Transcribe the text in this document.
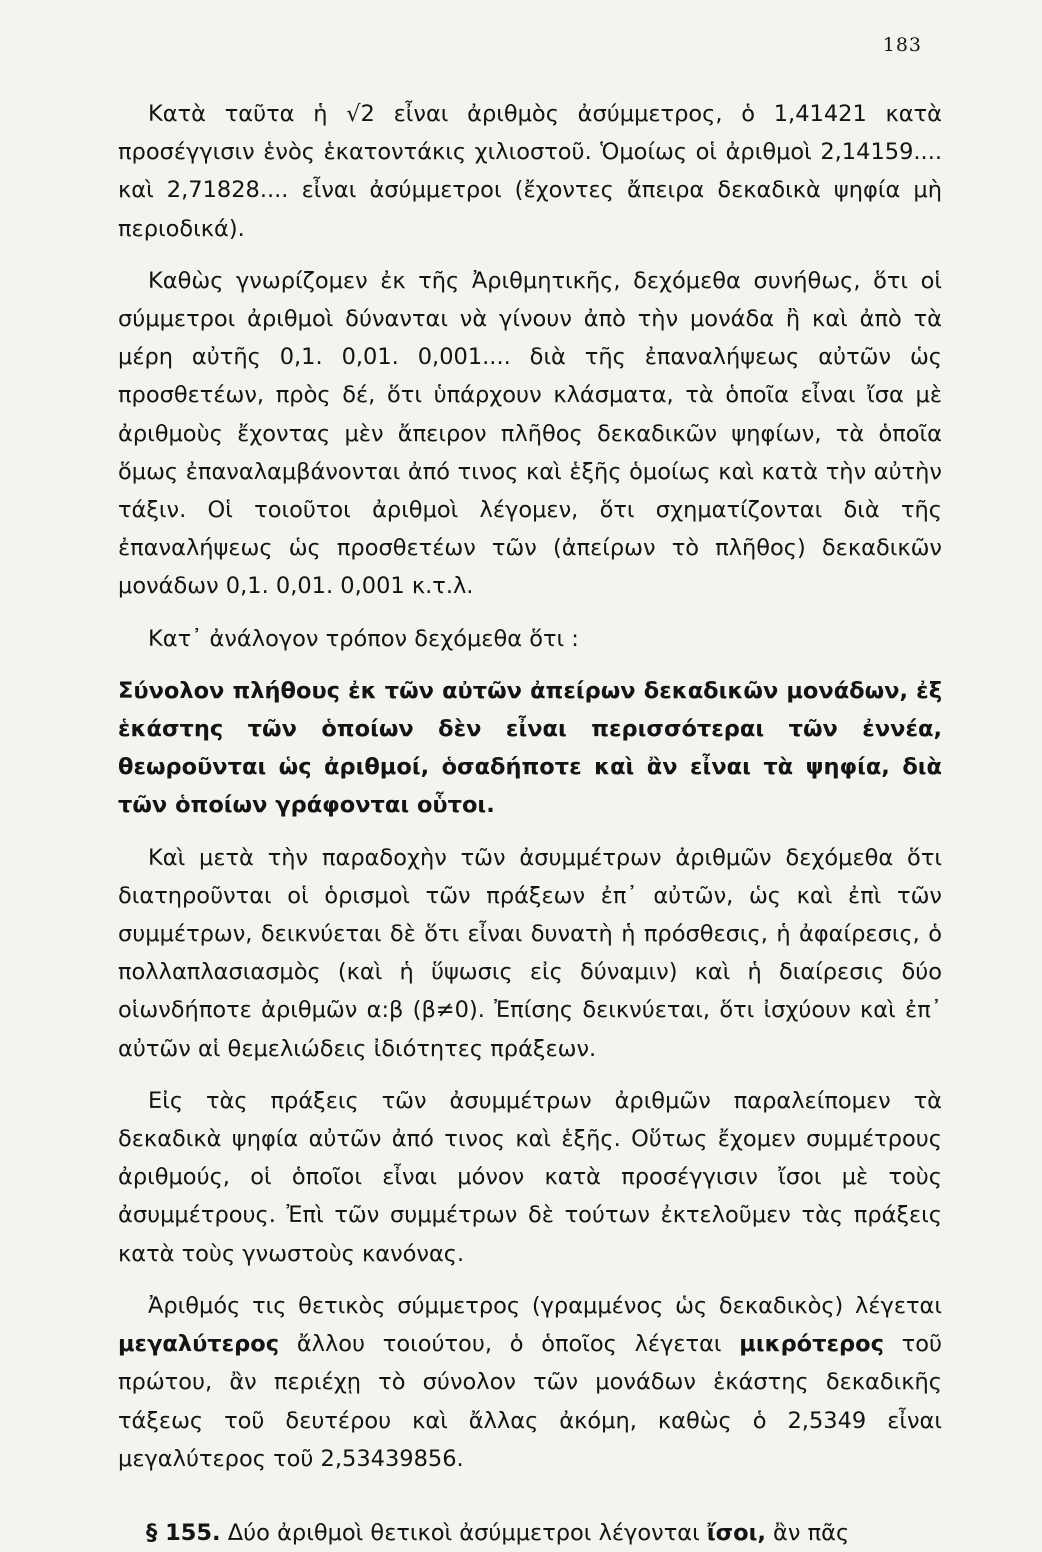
183

Κατὰ ταῦτα ἡ √2 εἶναι ἀριθμὸς ἀσύμμετρος, ὁ 1,41421 κατὰ προσέγγισιν ἑνὸς ἑκατοντάκις χιλιοστοῦ. Ὁμοίως οἱ ἀριθμοὶ 2,14159.... καὶ 2,71828.... εἶναι ἀσύμμετροι (ἔχοντες ἄπειρα δεκαδικὰ ψηφία μὴ περιοδικά).

Καθὼς γνωρίζομεν ἐκ τῆς Ἀριθμητικῆς, δεχόμεθα συνήθως, ὅτι οἱ σύμμετροι ἀριθμοὶ δύνανται νὰ γίνουν ἀπὸ τὴν μονάδα ἢ καὶ ἀπὸ τὰ μέρη αὐτῆς 0,1. 0,01. 0,001.... διὰ τῆς ἐπαναλήψεως αὐτῶν ὡς προσθετέων, πρὸς δέ, ὅτι ὑπάρχουν κλάσματα, τὰ ὁποῖα εἶναι ἴσα μὲ ἀριθμοὺς ἔχοντας μὲν ἄπειρον πλῆθος δεκαδικῶν ψηφίων, τὰ ὁποῖα ὅμως ἐπαναλαμβάνονται ἀπό τινος καὶ ἑξῆς ὁμοίως καὶ κατὰ τὴν αὐτὴν τάξιν. Οἱ τοιοῦτοι ἀριθμοὶ λέγομεν, ὅτι σχηματίζονται διὰ τῆς ἐπαναλήψεως ὡς προσθετέων τῶν (ἀπείρων τὸ πλῆθος) δεκαδικῶν μονάδων 0,1. 0,01. 0,001 κ.τ.λ.

Κατ᾽ ἀνάλογον τρόπον δεχόμεθα ὅτι :

Σύνολον πλήθους ἐκ τῶν αὐτῶν ἀπείρων δεκαδικῶν μονάδων, ἐξ ἑκάστης τῶν ὁποίων δὲν εἶναι περισσότεραι τῶν ἐννέα, θεωροῦνται ὡς ἀριθμοί, ὁσαδήποτε καὶ ἂν εἶναι τὰ ψηφία, διὰ τῶν ὁποίων γράφονται οὗτοι.

Καὶ μετὰ τὴν παραδοχὴν τῶν ἀσυμμέτρων ἀριθμῶν δεχόμεθα ὅτι διατηροῦνται οἱ ὁρισμοὶ τῶν πράξεων ἐπ᾽ αὐτῶν, ὡς καὶ ἐπὶ τῶν συμμέτρων, δεικνύεται δὲ ὅτι εἶναι δυνατὴ ἡ πρόσθεσις, ἡ ἀφαίρεσις, ὁ πολλαπλασιασμὸς (καὶ ἡ ὕψωσις εἰς δύναμιν) καὶ ἡ διαίρεσις δύο οἱωνδήποτε ἀριθμῶν α:β (β≠0). Ἐπίσης δεικνύεται, ὅτι ἰσχύουν καὶ ἐπ᾽ αὐτῶν αἱ θεμελιώδεις ἰδιότητες πράξεων.

Εἰς τὰς πράξεις τῶν ἀσυμμέτρων ἀριθμῶν παραλείπομεν τὰ δεκαδικὰ ψηφία αὐτῶν ἀπό τινος καὶ ἑξῆς. Οὕτως ἔχομεν συμμέτρους ἀριθμούς, οἱ ὁποῖοι εἶναι μόνον κατὰ προσέγγισιν ἴσοι μὲ τοὺς ἀσυμμέτρους. Ἐπὶ τῶν συμμέτρων δὲ τούτων ἐκτελοῦμεν τὰς πράξεις κατὰ τοὺς γνωστοὺς κανόνας.

Ἀριθμός τις θετικὸς σύμμετρος (γραμμένος ὡς δεκαδικὸς) λέγεται μεγαλύτερος ἄλλου τοιούτου, ὁ ὁποῖος λέγεται μικρότερος τοῦ πρώτου, ἂν περιέχῃ τὸ σύνολον τῶν μονάδων ἑκάστης δεκαδικῆς τάξεως τοῦ δευτέρου καὶ ἄλλας ἀκόμη, καθὼς ὁ 2,5349 εἶναι μεγαλύτερος τοῦ 2,53439856.

§ 155. Δύο ἀριθμοὶ θετικοὶ ἀσύμμετροι λέγονται ἴσοι, ἂν πᾶς
